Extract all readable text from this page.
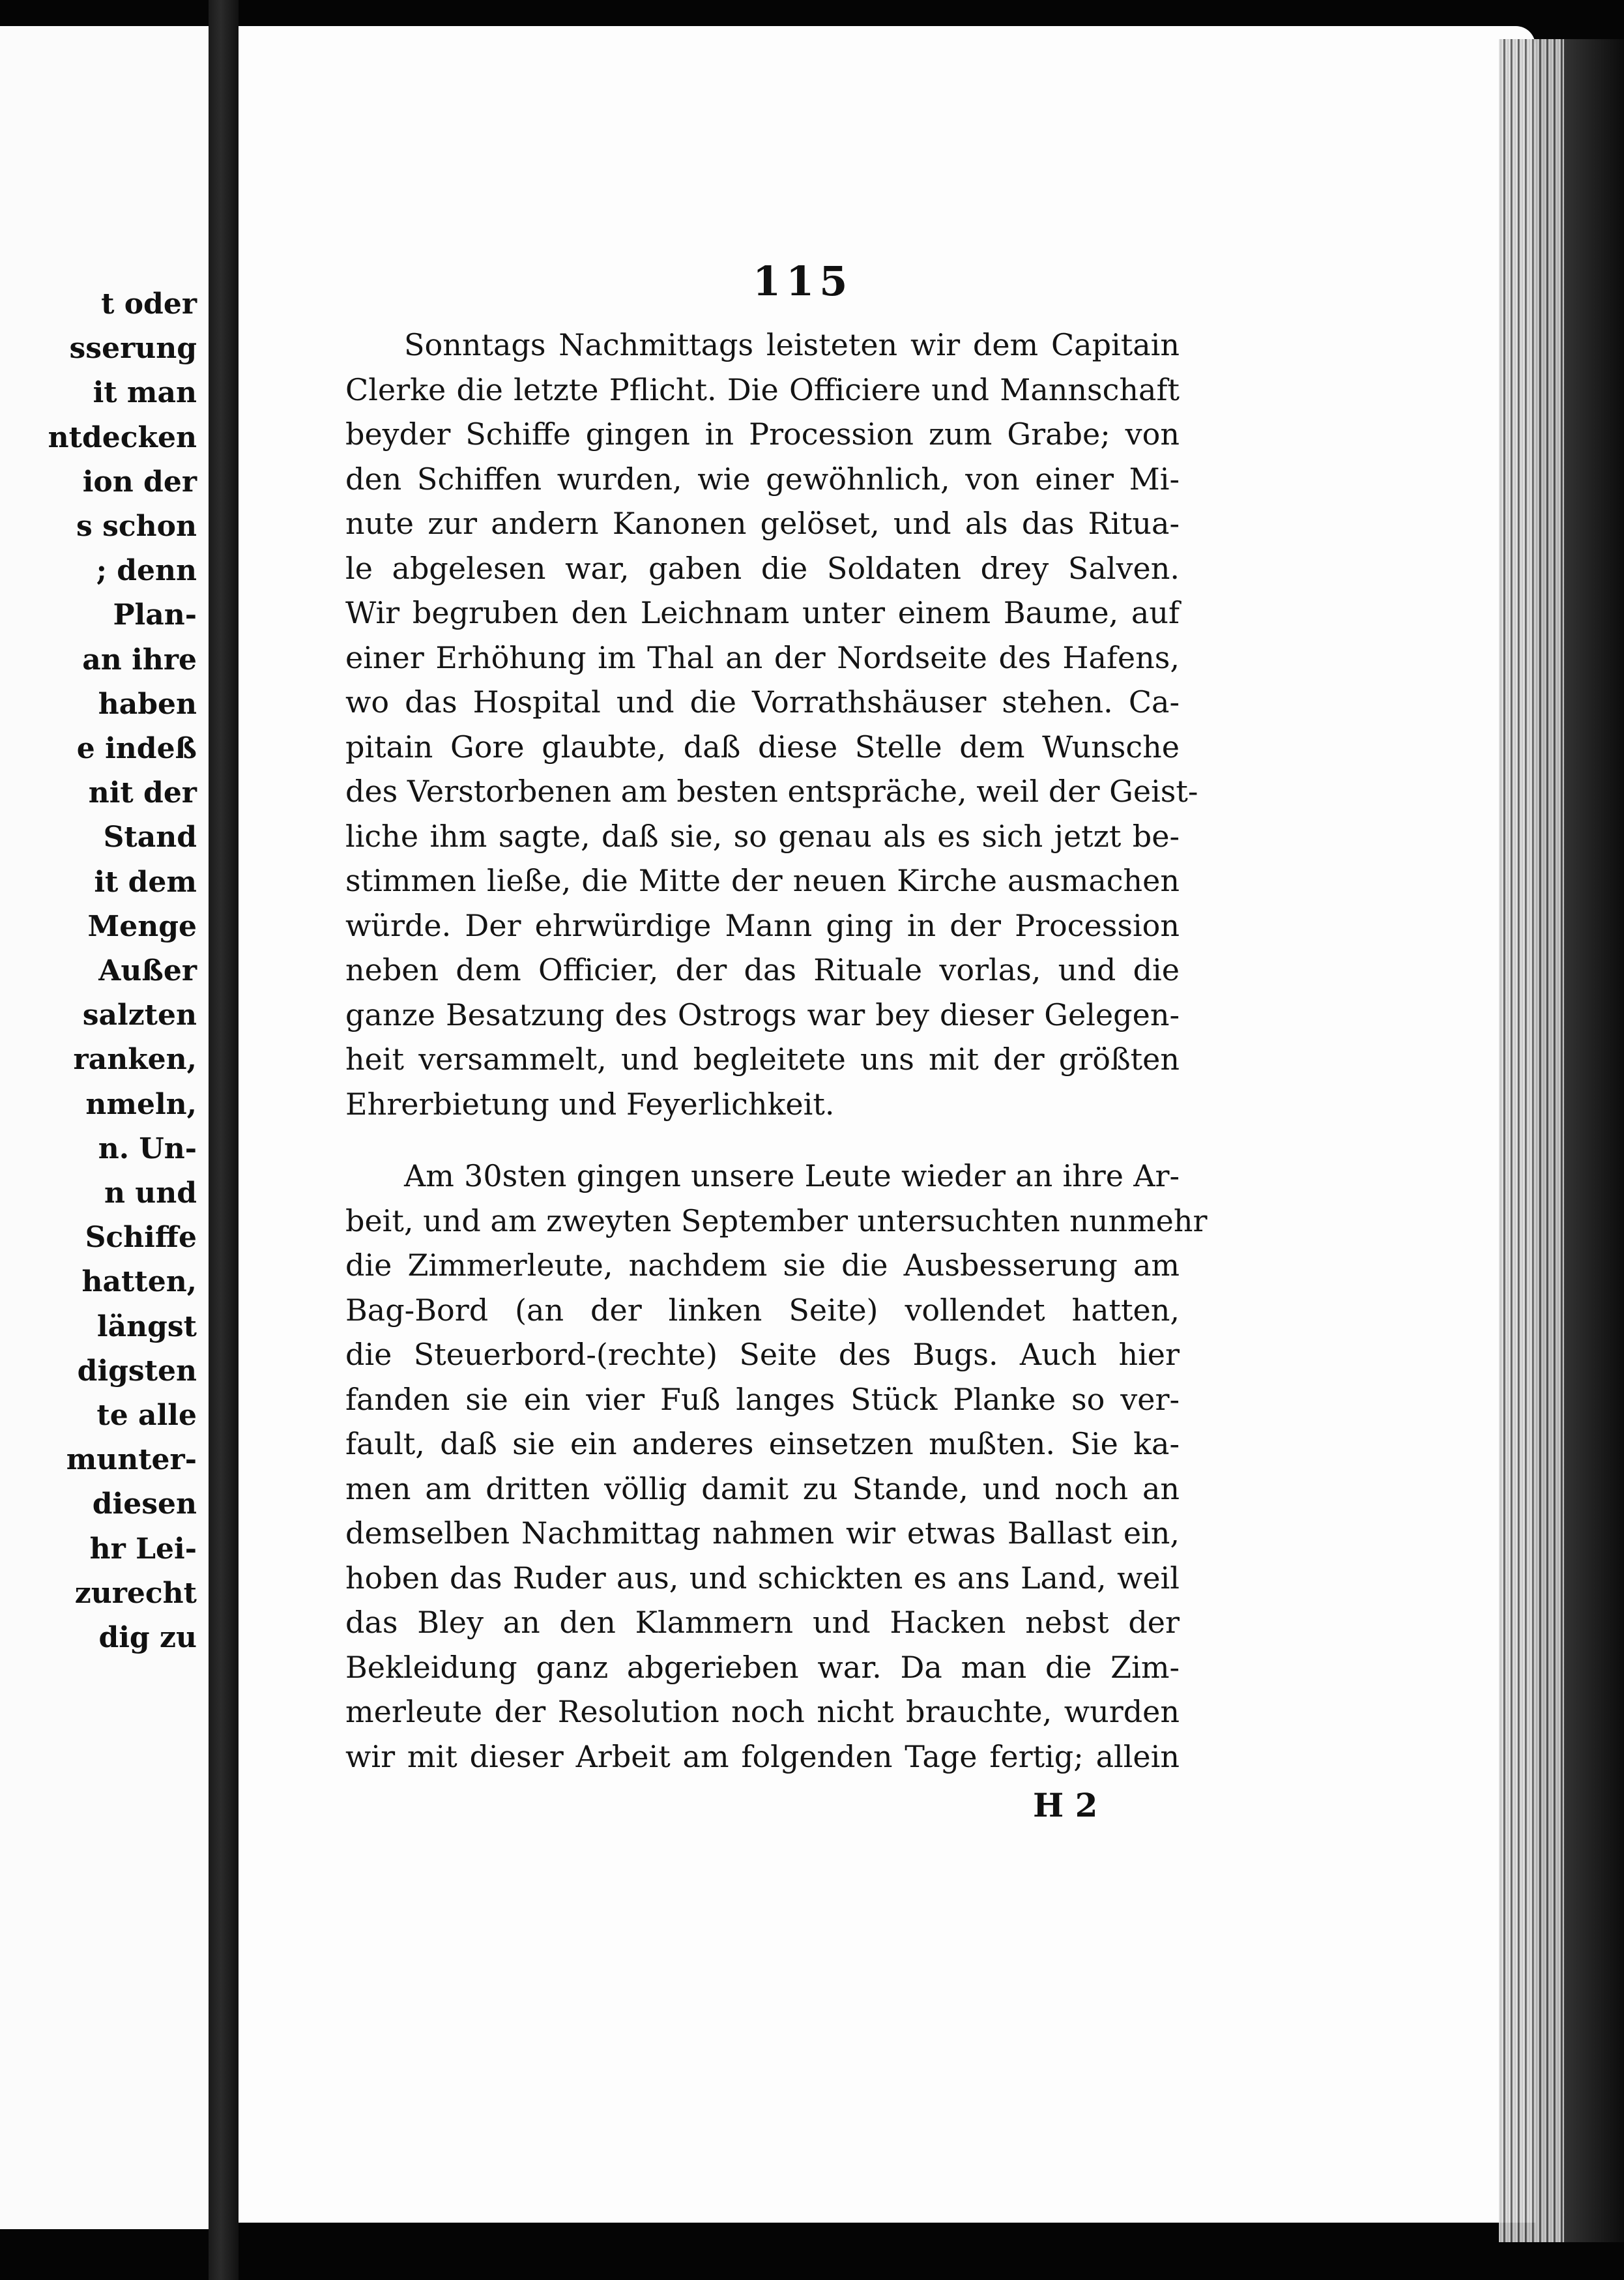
t oder
sserung
it man
ntdecken
ion der
s schon
; denn
Plan-
an ihre
haben
e indeß
nit der
Stand
it dem
Menge
Außer
salzten
ranken,
nmeln,
n. Un-
n und
Schiffe
hatten,
längst
digsten
te alle
munter-
diesen
hr Lei-
zurecht
dig zu
115
Sonntags Nachmittags leisteten wir dem Capitain
Clerke die letzte Pflicht. Die Officiere und Mannschaft
beyder Schiffe gingen in Procession zum Grabe; von
den Schiffen wurden, wie gewöhnlich, von einer Mi-
nute zur andern Kanonen gelöset, und als das Ritua-
le abgelesen war, gaben die Soldaten drey Salven.
Wir begruben den Leichnam unter einem Baume, auf
einer Erhöhung im Thal an der Nordseite des Hafens,
wo das Hospital und die Vorrathshäuser stehen. Ca-
pitain Gore glaubte, daß diese Stelle dem Wunsche
des Verstorbenen am besten entspräche, weil der Geist-
liche ihm sagte, daß sie, so genau als es sich jetzt be-
stimmen ließe, die Mitte der neuen Kirche ausmachen
würde. Der ehrwürdige Mann ging in der Procession
neben dem Officier, der das Rituale vorlas, und die
ganze Besatzung des Ostrogs war bey dieser Gelegen-
heit versammelt, und begleitete uns mit der größten
Ehrerbietung und Feyerlichkeit.
Am 30sten gingen unsere Leute wieder an ihre Ar-
beit, und am zweyten September untersuchten nunmehr
die Zimmerleute, nachdem sie die Ausbesserung am
Bag-Bord (an der linken Seite) vollendet hatten,
die Steuerbord-(rechte) Seite des Bugs. Auch hier
fanden sie ein vier Fuß langes Stück Planke so ver-
fault, daß sie ein anderes einsetzen mußten. Sie ka-
men am dritten völlig damit zu Stande, und noch an
demselben Nachmittag nahmen wir etwas Ballast ein,
hoben das Ruder aus, und schickten es ans Land, weil
das Bley an den Klammern und Hacken nebst der
Bekleidung ganz abgerieben war. Da man die Zim-
merleute der Resolution noch nicht brauchte, wurden
wir mit dieser Arbeit am folgenden Tage fertig; allein
H 2
